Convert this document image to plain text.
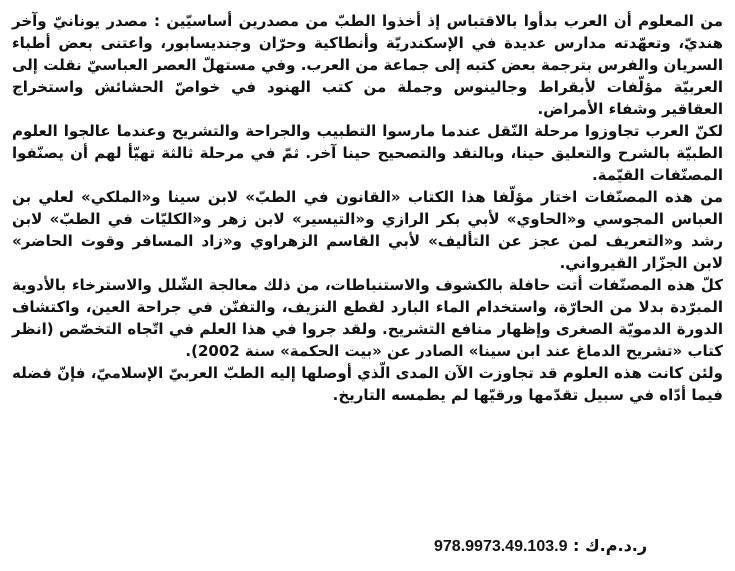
من المعلوم أن العرب بدأوا بالاقتباس إذ أخذوا الطبّ من مصدرين أساسيّين : مصدر يونانيّ وآخر هنديّ، وتعهّدته مدارس عديدة في الإسكندريّة وأنطاكية وحرّان وجنديسابور، واعتنى بعض أطباء السريان والفرس بترجمة بعض كتبه إلى جماعة من العرب. وفي مستهلّ العصر العباسيّ نقلت إلى العربيّة مؤلّفات لأبقراط وجالينوس وجملة من كتب الهنود في خواصّ الحشائش واستخراج العقاقير وشفاء الأمراض.

لكنّ العرب تجاوزوا مرحلة النّقل عندما مارسوا التطبيب والجراحة والتشريح وعندما عالجوا العلوم الطبيّة بالشرح والتعليق حينا، وبالنقد والتصحيح حينا آخر. ثمّ في مرحلة ثالثة تهيّأ لهم أن يصنّفوا المصنّفات القيّمة.

من هذه المصنّفات اختار مؤلّفا هذا الكتاب «القانون في الطبّ» لابن سينا و«الملكي» لعلي بن العباس المجوسي و«الحاوي» لأبي بكر الرازي و«التيسير» لابن زهر و«الكليّات في الطبّ» لابن رشد و«التعريف لمن عجز عن التأليف» لأبي القاسم الزهراوي و«زاد المسافر وقوت الحاضر» لابن الجزّار القيرواني.

كلّ هذه المصنّفات أتت حافلة بالكشوف والاستنباطات، من ذلك معالجة الشّلل والاسترخاء بالأدوية المبرّدة بدلا من الحارّة، واستخدام الماء البارد لقطع النزيف، والتفنّن في جراحة العين، واكتشاف الدورة الدمويّة الصغرى وإظهار منافع التشريح. ولقد جروا في هذا العلم في اتّجاه التخصّص (انظر كتاب «تشريح الدماغ عند ابن سينا» الصادر عن «بيت الحكمة» سنة 2002).

ولئن كانت هذه العلوم قد تجاوزت الآن المدى الّذي أوصلها إليه الطبّ العربيّ الإسلاميّ، فإنّ فضله فيما أدّاه في سبيل تقدّمها ورقيّها لم يطمسه التاريخ.

ر.د.م.ك : 978.9973.49.103.9
